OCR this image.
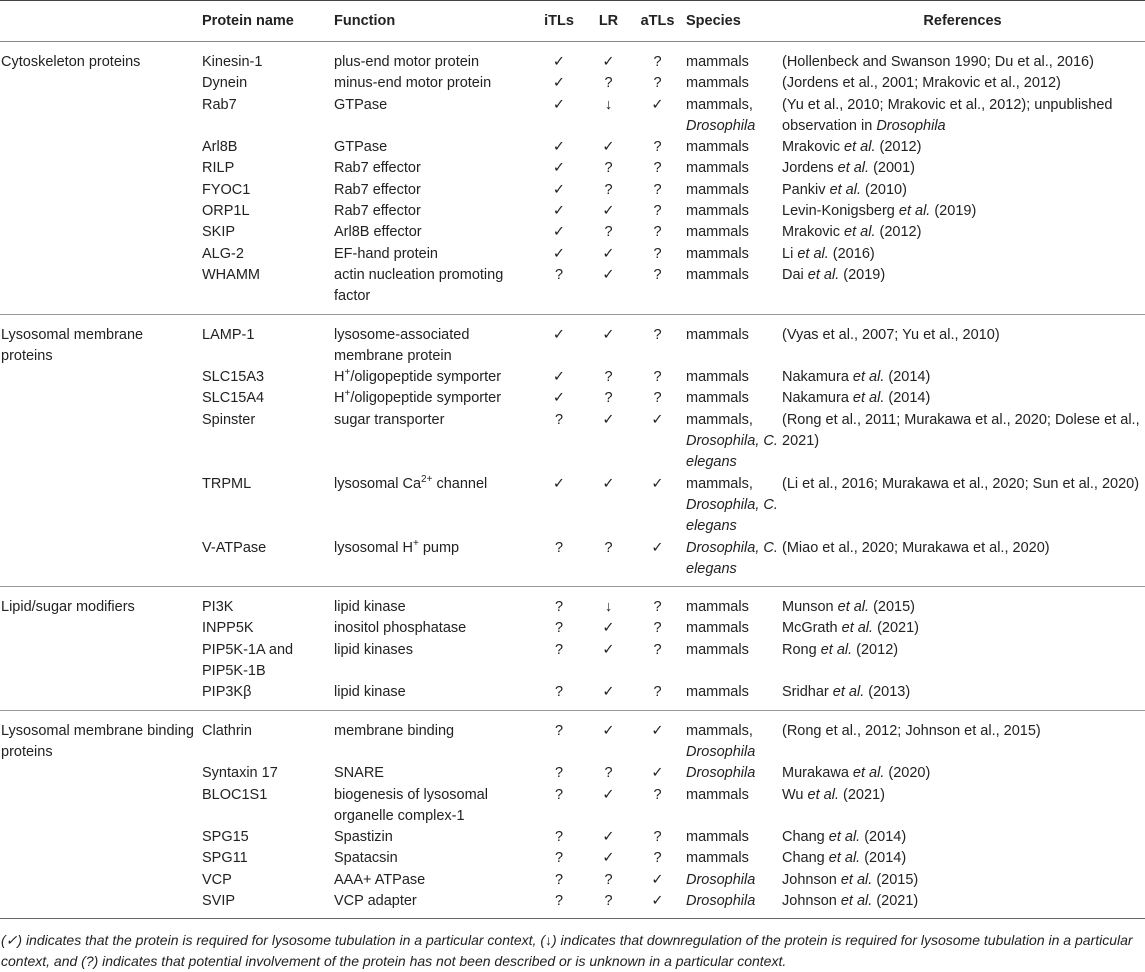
	Protein name	Function	iTLs	LR	aTLs	Species	References
Cytoskeleton proteins	Kinesin-1	plus-end motor protein	✓	✓	?	mammals	(Hollenbeck and Swanson 1990; Du et al., 2016)
	Dynein	minus-end motor protein	✓	?	?	mammals	(Jordens et al., 2001; Mrakovic et al., 2012)
	Rab7	GTPase	✓	↓	✓	mammals, Drosophila	(Yu et al., 2010; Mrakovic et al., 2012); unpublished observation in Drosophila
	Arl8B	GTPase	✓	✓	?	mammals	Mrakovic et al. (2012)
	RILP	Rab7 effector	✓	?	?	mammals	Jordens et al. (2001)
	FYOC1	Rab7 effector	✓	?	?	mammals	Pankiv et al. (2010)
	ORP1L	Rab7 effector	✓	✓	?	mammals	Levin-Konigsberg et al. (2019)
	SKIP	Arl8B effector	✓	?	?	mammals	Mrakovic et al. (2012)
	ALG-2	EF-hand protein	✓	✓	?	mammals	Li et al. (2016)
	WHAMM	actin nucleation promoting factor	?	✓	?	mammals	Dai et al. (2019)
Lysosomal membrane proteins	LAMP-1	lysosome-associated membrane protein	✓	✓	?	mammals	(Vyas et al., 2007; Yu et al., 2010)
	SLC15A3	H+/oligopeptide symporter	✓	?	?	mammals	Nakamura et al. (2014)
	SLC15A4	H+/oligopeptide symporter	✓	?	?	mammals	Nakamura et al. (2014)
	Spinster	sugar transporter	?	✓	✓	mammals, Drosophila, C. elegans	(Rong et al., 2011; Murakawa et al., 2020; Dolese et al., 2021)
	TRPML	lysosomal $Ca^{2+}$ channel	✓	✓	✓	mammals, Drosophila, C. elegans	(Li et al., 2016; Murakawa et al., 2020; Sun et al., 2020)
	V-ATPase	lysosomal H+ pump	?	?	✓	Drosophila, C. elegans	(Miao et al., 2020; Murakawa et al., 2020)
Lipid/sugar modifiers	PI3K	lipid kinase	?	↓	?	mammals	Munson et al. (2015)
	INPP5K	inositol phosphatase	?	✓	?	mammals	McGrath et al. (2021)
	PIP5K-1A and PIP5K-1B	lipid kinases	?	✓	?	mammals	Rong et al. (2012)
	PIP3Kβ	lipid kinase	?	✓	?	mammals	Sridhar et al. (2013)
Lysosomal membrane binding proteins	Clathrin	membrane binding	?	✓	✓	mammals, Drosophila	(Rong et al., 2012; Johnson et al., 2015)
	Syntaxin 17	SNARE	?	?	✓	Drosophila	Murakawa et al. (2020)
	BLOC1S1	biogenesis of lysosomal organelle complex-1	?	✓	?	mammals	Wu et al. (2021)
	SPG15	Spastizin	?	✓	?	mammals	Chang et al. (2014)
	SPG11	Spatacsin	?	✓	?	mammals	Chang et al. (2014)
	VCP	AAA+ ATPase	?	?	✓	Drosophila	Johnson et al. (2015)
	SVIP	VCP adapter	?	?	✓	Drosophila	Johnson et al. (2021)
(✓) indicates that the protein is required for lysosome tubulation in a particular context, (↓) indicates that downregulation of the protein is required for lysosome tubulation in a particular context, and (?) indicates that potential involvement of the protein has not been described or is unknown in a particular context.
